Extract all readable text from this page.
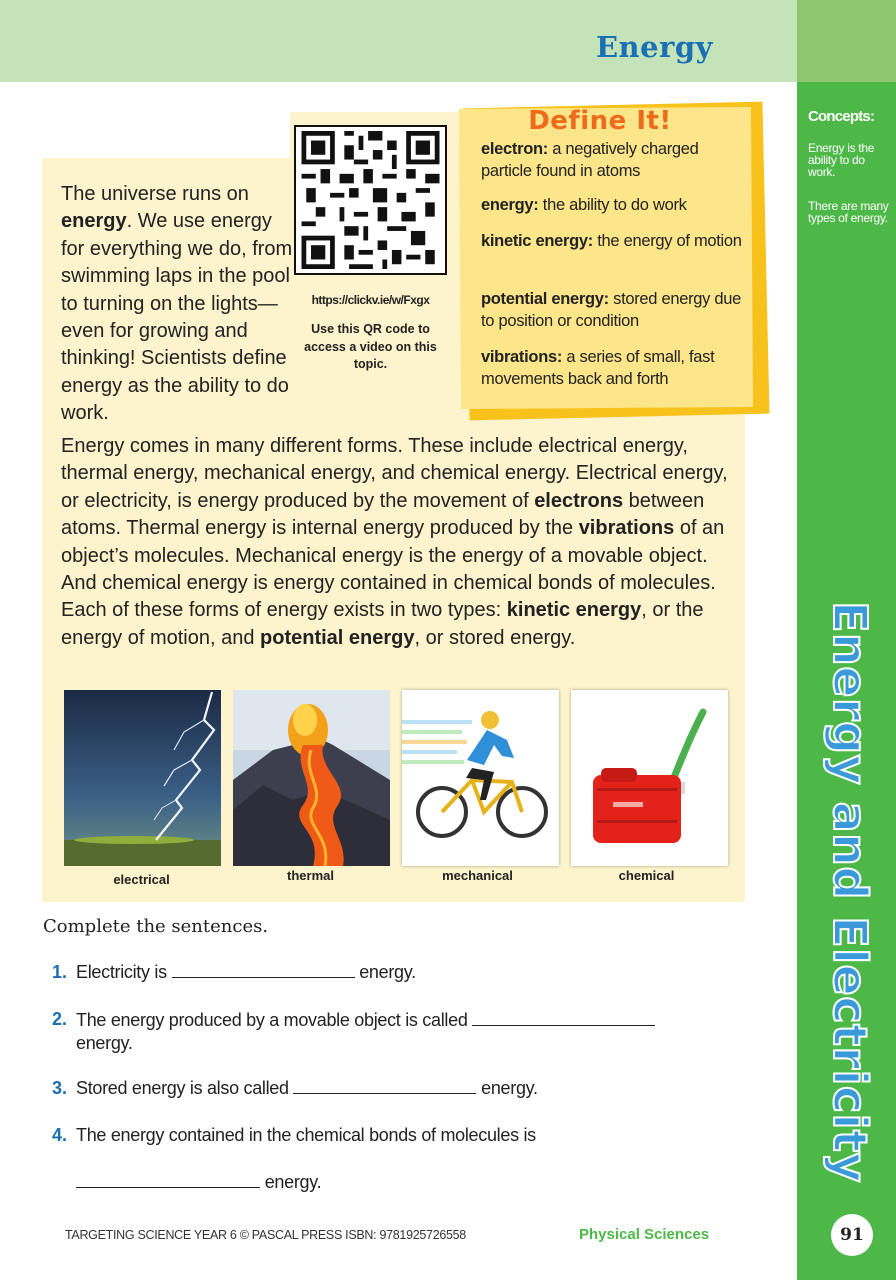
Energy
Concepts:
Energy is the ability to do work.
There are many types of energy.
Energy and Electricity
91
The universe runs on energy. We use energy for everything we do, from swimming laps in the pool to turning on the lights— even for growing and thinking! Scientists define energy as the ability to do work.
https://clickv.ie/w/Fxgx
Use this QR code to access a video on this topic.
Define It!
electron: a negatively charged particle found in atoms
energy: the ability to do work
kinetic energy: the energy of motion
potential energy: stored energy due to position or condition
vibrations: a series of small, fast movements back and forth
Energy comes in many different forms. These include electrical energy, thermal energy, mechanical energy, and chemical energy. Electrical energy, or electricity, is energy produced by the movement of electrons between atoms. Thermal energy is internal energy produced by the vibrations of an object’s molecules. Mechanical energy is the energy of a movable object. And chemical energy is energy contained in chemical bonds of molecules. Each of these forms of energy exists in two types: kinetic energy, or the energy of motion, and potential energy, or stored energy.
electrical	thermal	mechanical	chemical
Complete the sentences.
1. Electricity is	energy.
2. The energy produced by a movable object is called
energy.
3. Stored energy is also called	energy.
4. The energy contained in the chemical bonds of molecules is
energy.
TARGETING SCIENCE YEAR 6 © PASCAL PRESS ISBN: 9781925726558	Physical Sciences
